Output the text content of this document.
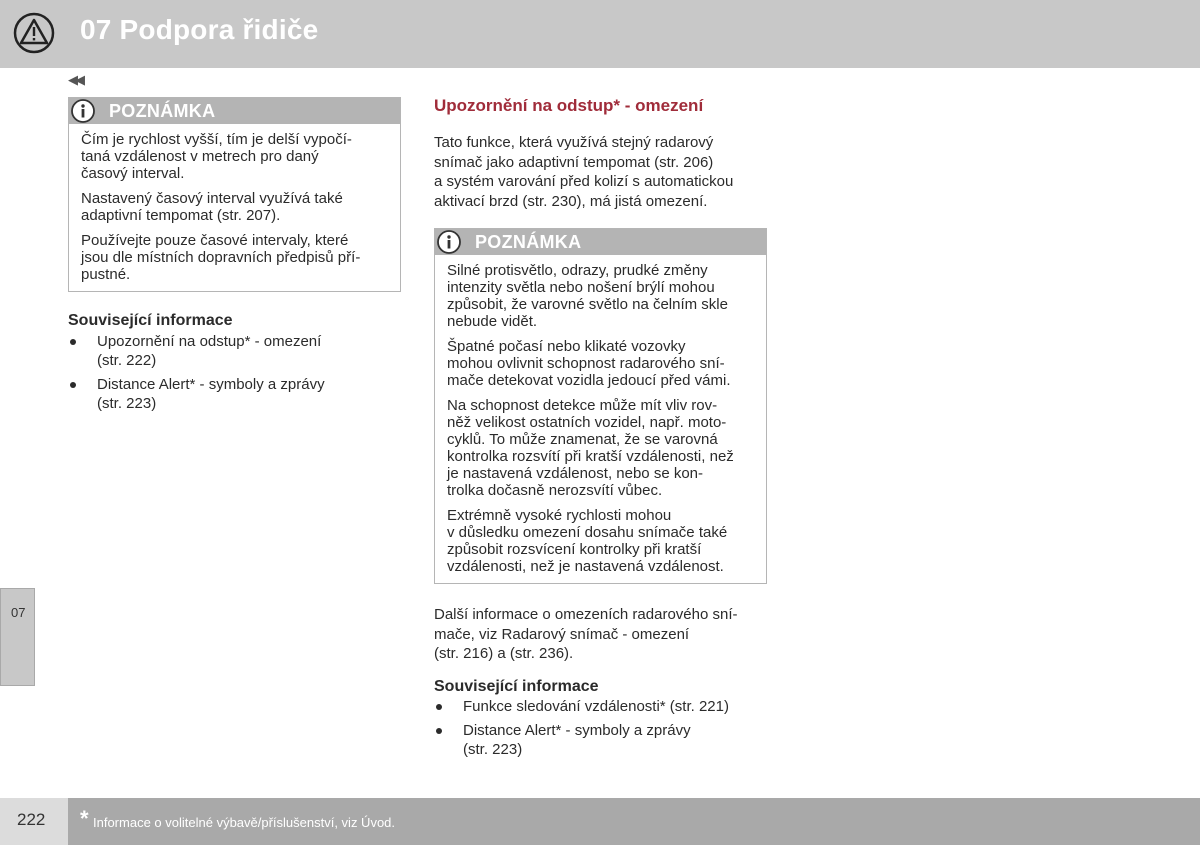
07 Podpora řidiče
◀◀
POZNÁMKA

Čím je rychlost vyšší, tím je delší vypočí-
taná vzdálenost v metrech pro daný
časový interval.

Nastavený časový interval využívá také
adaptivní tempomat (str. 207).

Používejte pouze časové intervaly, které
jsou dle místních dopravních předpisů pří-
pustné.

Související informace
Upozornění na odstup* - omezení
(str. 222)
Distance Alert* - symboly a zprávy
(str. 223)
Upozornění na odstup* - omezení
Tato funkce, která využívá stejný radarový
snímač jako adaptivní tempomat (str. 206)
a systém varování před kolizí s automatickou
aktivací brzd (str. 230), má jistá omezení.
POZNÁMKA

Silné protisvětlo, odrazy, prudké změny
intenzity světla nebo nošení brýlí mohou
způsobit, že varovné světlo na čelním skle
nebude vidět.

Špatné počasí nebo klikaté vozovky
mohou ovlivnit schopnost radarového sní-
mače detekovat vozidla jedoucí před vámi.

Na schopnost detekce může mít vliv rov-
něž velikost ostatních vozidel, např. moto-
cyklů. To může znamenat, že se varovná
kontrolka rozsvítí při kratší vzdálenosti, než
je nastavená vzdálenost, nebo se kon-
trolka dočasně nerozsvítí vůbec.

Extrémně vysoké rychlosti mohou
v důsledku omezení dosahu snímače také
způsobit rozsvícení kontrolky při kratší
vzdálenosti, než je nastavená vzdálenost.

Další informace o omezeních radarového sní-
mače, viz Radarový snímač - omezení
(str. 216) a (str. 236).
Související informace
Funkce sledování vzdálenosti* (str. 221)
Distance Alert* - symboly a zprávy
(str. 223)
07
222 * Informace o volitelné výbavě/příslušenství, viz Úvod.
